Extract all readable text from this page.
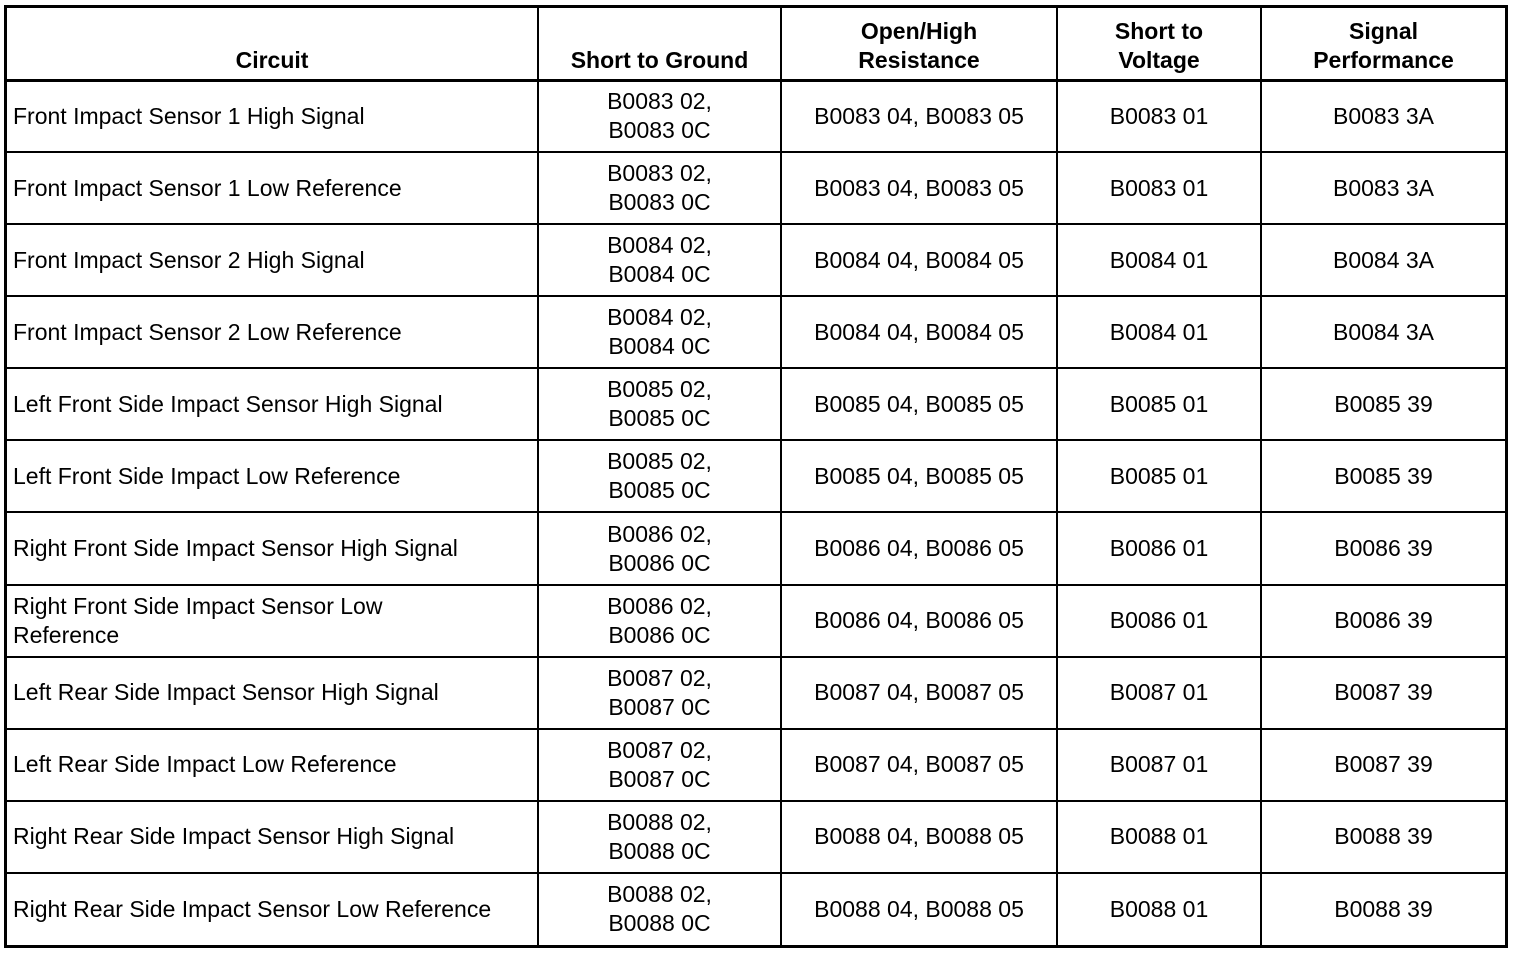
Circuit	Short to Ground	Open/High
Resistance	Short to
Voltage	Signal
Performance

Front Impact Sensor 1 High Signal	B0083 02,
B0083 0C	B0083 04, B0083 05	B0083 01	B0083 3A

Front Impact Sensor 1 Low Reference	B0083 02,
B0083 0C	B0083 04, B0083 05	B0083 01	B0083 3A

Front Impact Sensor 2 High Signal	B0084 02,
B0084 0C	B0084 04, B0084 05	B0084 01	B0084 3A

Front Impact Sensor 2 Low Reference	B0084 02,
B0084 0C	B0084 04, B0084 05	B0084 01	B0084 3A

Left Front Side Impact Sensor High Signal	B0085 02,
B0085 0C	B0085 04, B0085 05	B0085 01	B0085 39

Left Front Side Impact Low Reference	B0085 02,
B0085 0C	B0085 04, B0085 05	B0085 01	B0085 39

Right Front Side Impact Sensor High Signal	B0086 02,
B0086 0C	B0086 04, B0086 05	B0086 01	B0086 39

Right Front Side Impact Sensor Low
Reference	B0086 02,
B0086 0C	B0086 04, B0086 05	B0086 01	B0086 39

Left Rear Side Impact Sensor High Signal	B0087 02,
B0087 0C	B0087 04, B0087 05	B0087 01	B0087 39

Left Rear Side Impact Low Reference	B0087 02,
B0087 0C	B0087 04, B0087 05	B0087 01	B0087 39

Right Rear Side Impact Sensor High Signal	B0088 02,
B0088 0C	B0088 04, B0088 05	B0088 01	B0088 39

Right Rear Side Impact Sensor Low Reference	B0088 02,
B0088 0C	B0088 04, B0088 05	B0088 01	B0088 39
